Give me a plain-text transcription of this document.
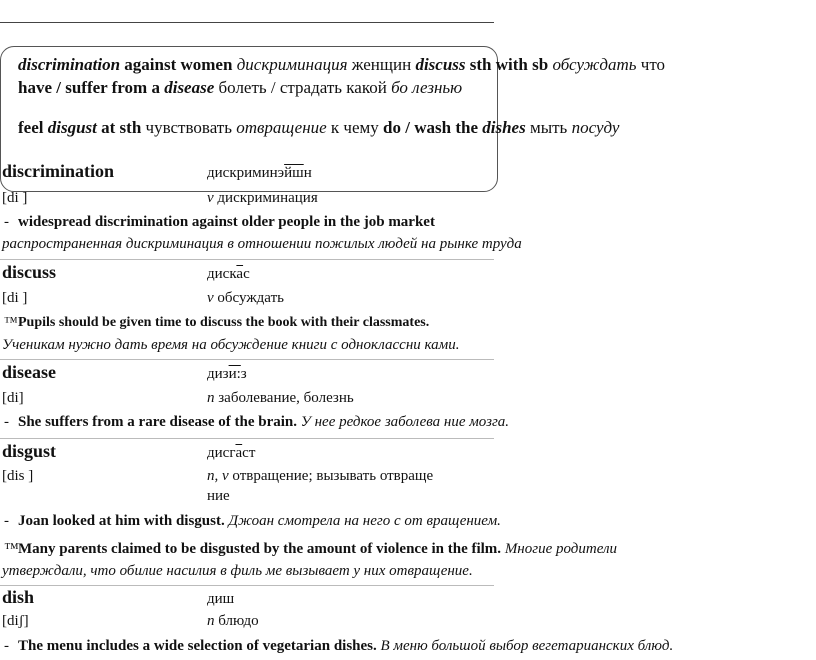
discrimination against women дискриминация женщин discuss sth with sb обсуждать что
have / suffer from a disease болеть / страдать какой бо лезнью
feel disgust at sth чувствовать отвращение к чему do / wash the dishes мыть посуду
discrimination	дискриминэйшн
[di ]	v дискриминация
- widespread discrimination against older people in the job market
распространенная дискриминация в отношении пожилых людей на рынке труда
discuss	дискас
[di ]	v обсуждать
™Pupils should be given time to discuss the book with their classmates.
Ученикам нужно дать время на обсуждение книги с одноклассни ками.
disease	дизи:з
[di]	n заболевание, болезнь
- She suffers from a rare disease of the brain. У нее редкое заболева ние мозга.
disgust	дисгаст
[dis ]	n, v отвращение; вызывать отвраще
ние
- Joan looked at him with disgust. Джоан смотрела на него с от вращением.
™Many parents claimed to be disgusted by the amount of violence in the film. Многие родители
утверждали, что обилие насилия в филь ме вызывает у них отвращение.
dish	диш
[diʃ]	n блюдо
- The menu includes a wide selection of vegetarian dishes. В меню большой выбор вегетарианских блюд.
